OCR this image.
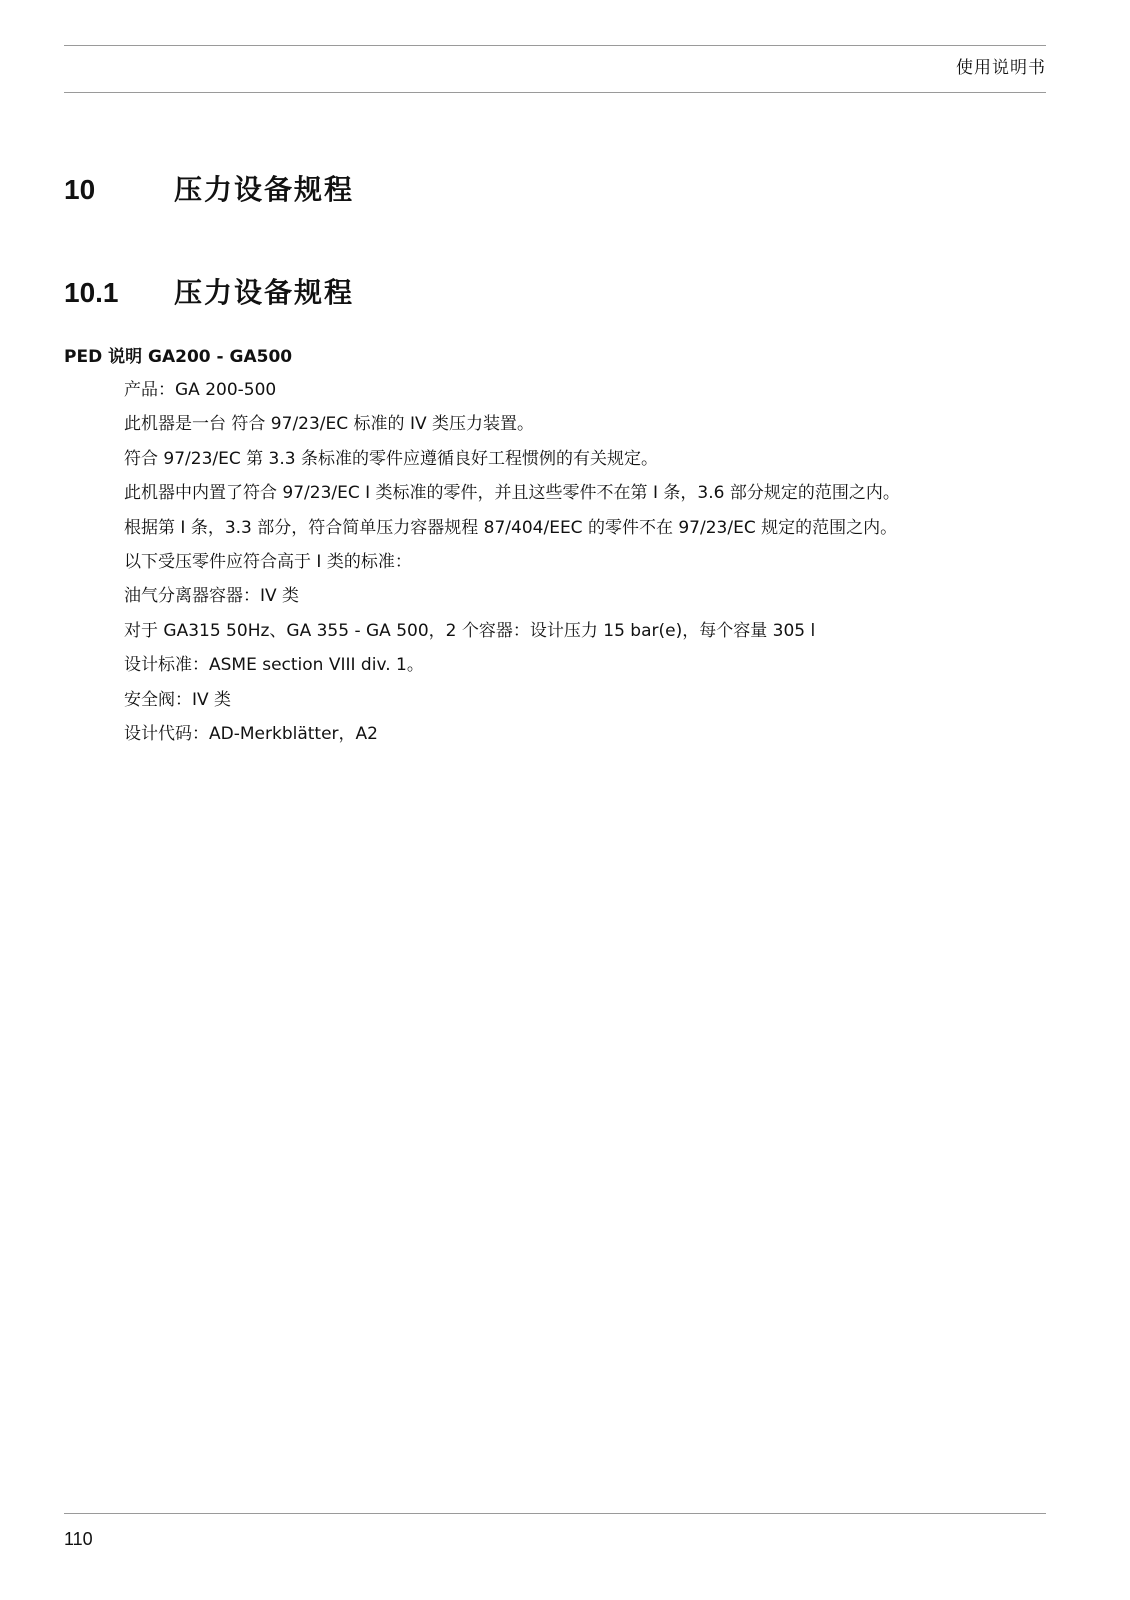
使用说明书
10	压力设备规程
10.1 压力设备规程
PED 说明 GA200 - GA500
产品：GA 200-500
此机器是一台 符合 97/23/EC 标准的 IV 类压力装置。
符合 97/23/EC 第 3.3 条标准的零件应遵循良好工程惯例的有关规定。
此机器中内置了符合 97/23/EC I 类标准的零件，并且这些零件不在第 I 条，3.6 部分规定的范围之内。
根据第 I 条，3.3 部分，符合简单压力容器规程 87/404/EEC 的零件不在 97/23/EC 规定的范围之内。
以下受压零件应符合高于 I 类的标准：
油气分离器容器：IV 类
对于 GA315 50Hz、GA 355 - GA 500，2 个容器：设计压力 15 bar(e)，每个容量 305 l
设计标准：ASME section VIII div. 1。
安全阀：IV 类
设计代码：AD-Merkblätter，A2
110
